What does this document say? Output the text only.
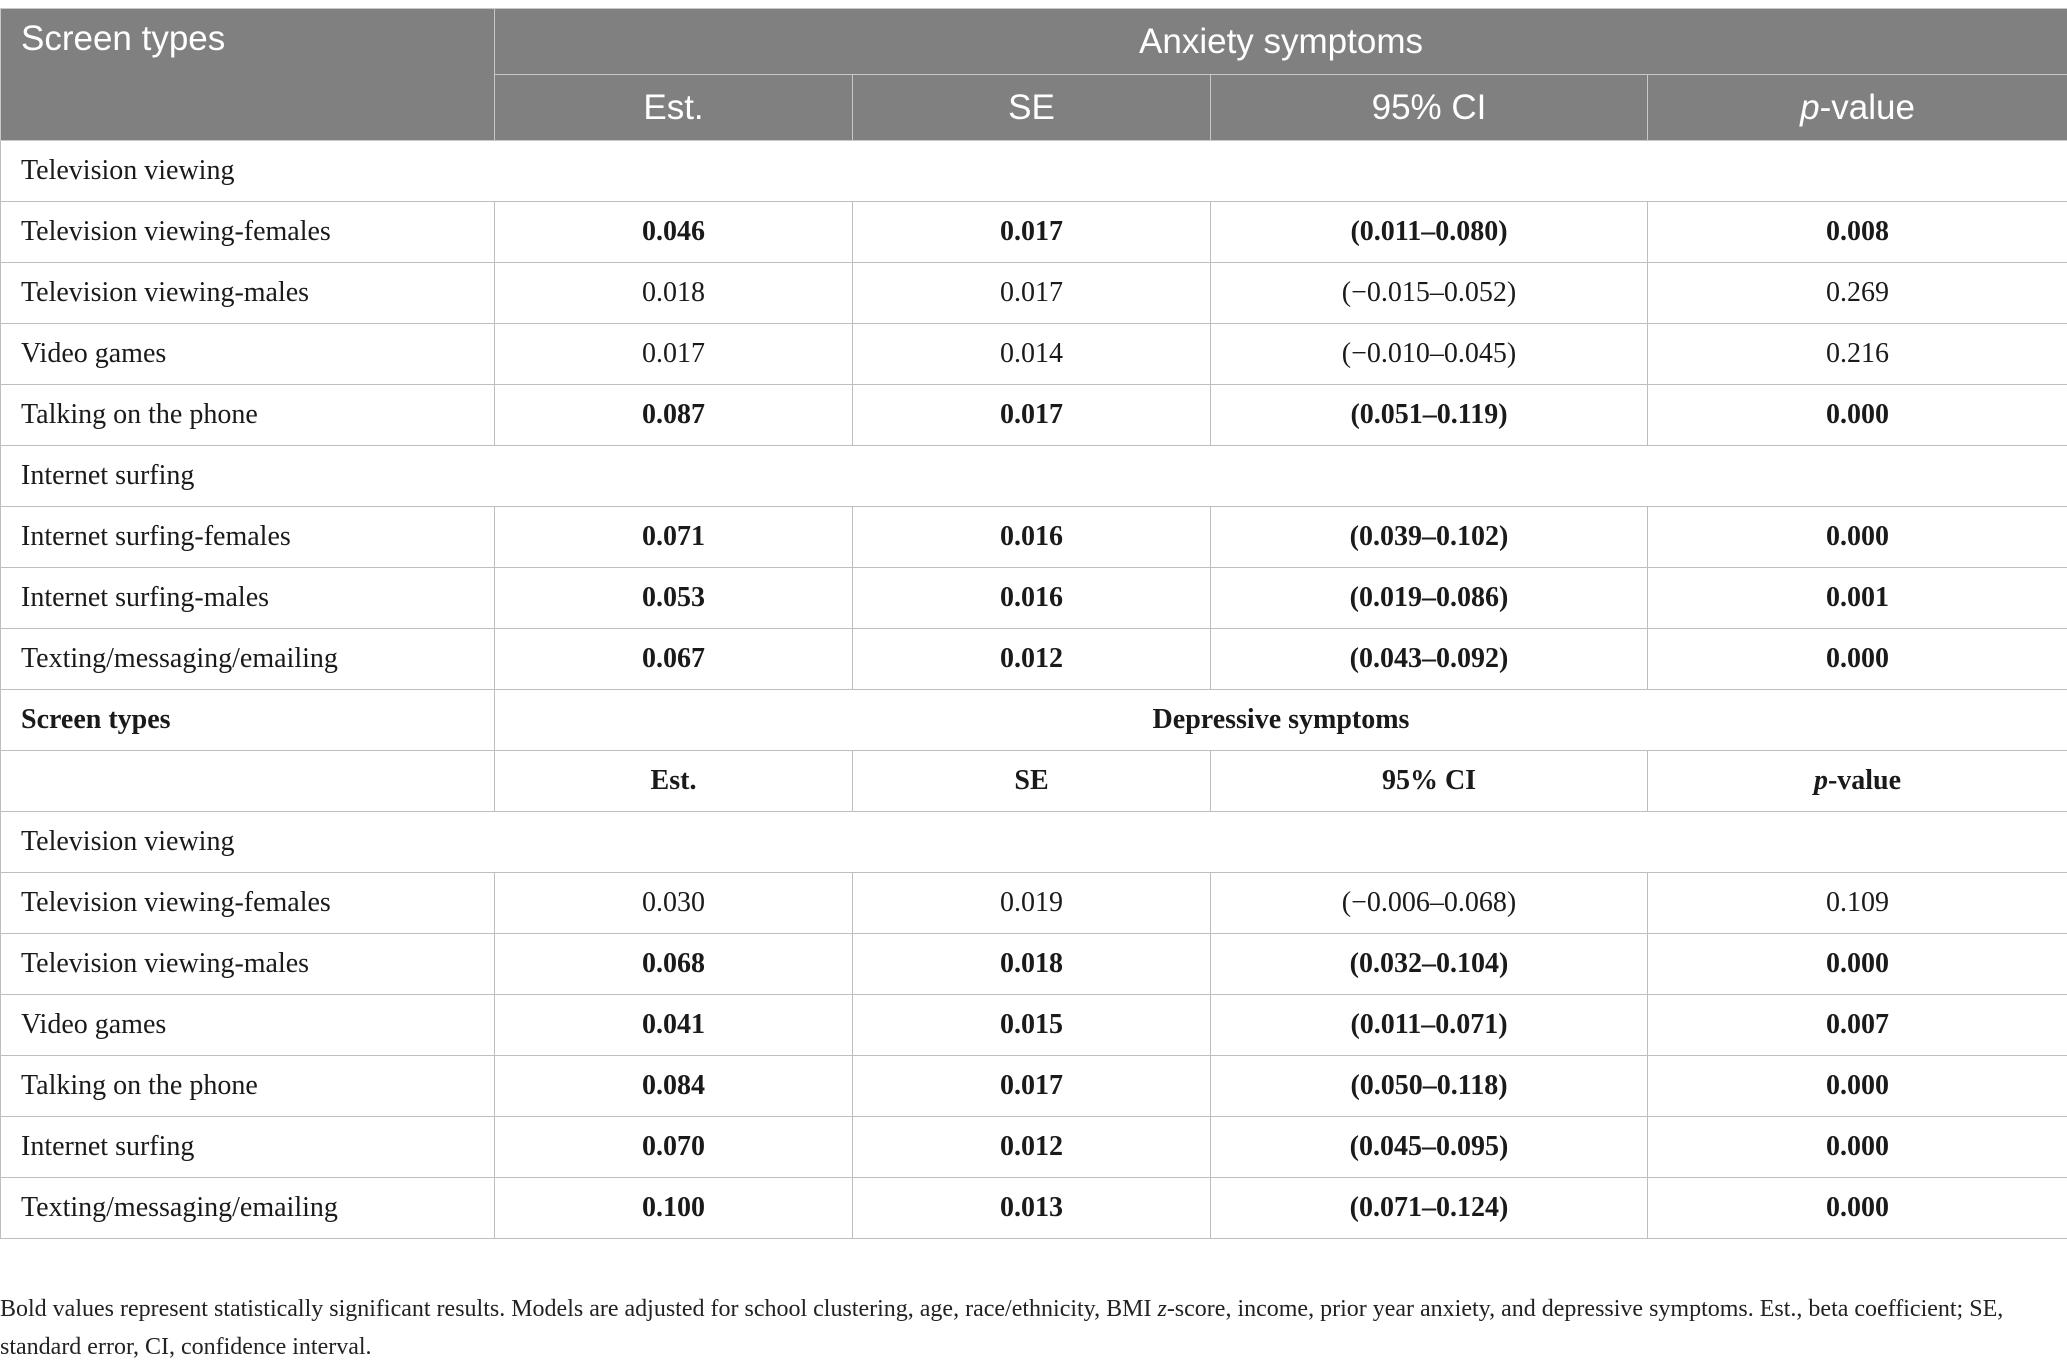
Screen types	Anxiety symptoms			
	Est.	SE	95% CI	p-value
Television viewing				
Television viewing-females	0.046	0.017	(0.011–0.080)	0.008
Television viewing-males	0.018	0.017	(−0.015–0.052)	0.269
Video games	0.017	0.014	(−0.010–0.045)	0.216
Talking on the phone	0.087	0.017	(0.051–0.119)	0.000
Internet surfing				
Internet surfing-females	0.071	0.016	(0.039–0.102)	0.000
Internet surfing-males	0.053	0.016	(0.019–0.086)	0.001
Texting/messaging/emailing	0.067	0.012	(0.043–0.092)	0.000
Screen types	Depressive symptoms			
	Est.	SE	95% CI	p-value
Television viewing				
Television viewing-females	0.030	0.019	(−0.006–0.068)	0.109
Television viewing-males	0.068	0.018	(0.032–0.104)	0.000
Video games	0.041	0.015	(0.011–0.071)	0.007
Talking on the phone	0.084	0.017	(0.050–0.118)	0.000
Internet surfing	0.070	0.012	(0.045–0.095)	0.000
Texting/messaging/emailing	0.100	0.013	(0.071–0.124)	0.000
Bold values represent statistically significant results. Models are adjusted for school clustering, age, race/ethnicity, BMI z-score, income, prior year anxiety, and depressive symptoms. Est., beta coefficient; SE, standard error, CI, confidence interval.
